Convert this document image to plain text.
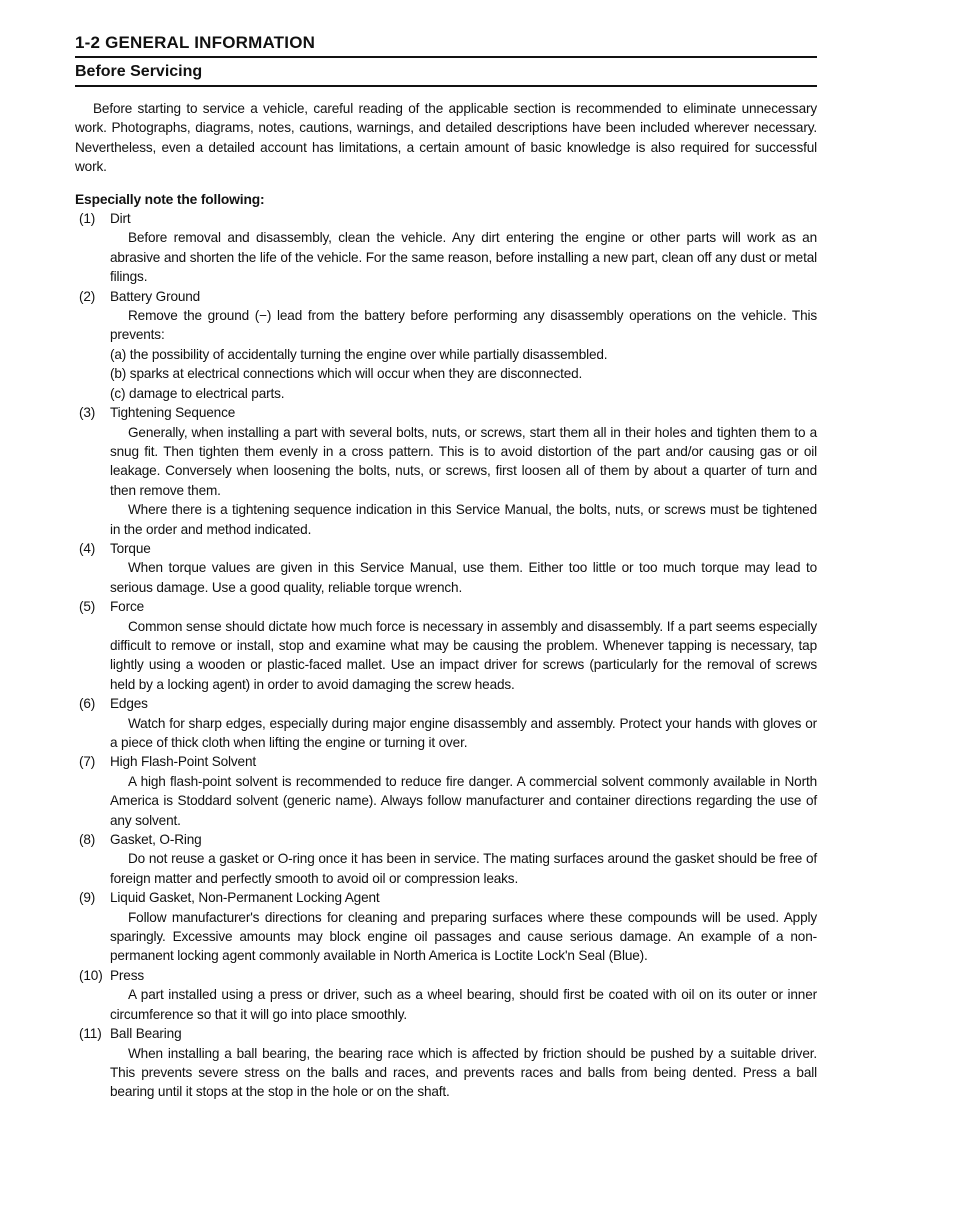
1-2 GENERAL INFORMATION
Before Servicing

Before starting to service a vehicle, careful reading of the applicable section is recommended to eliminate unnecessary work. Photographs, diagrams, notes, cautions, warnings, and detailed descriptions have been included wherever necessary. Nevertheless, even a detailed account has limitations, a certain amount of basic knowledge is also required for successful work.

Especially note the following:

(1)	Dirt

Before removal and disassembly, clean the vehicle. Any dirt entering the engine or other parts will work as an abrasive and shorten the life of the vehicle. For the same reason, before installing a new part, clean off any dust or metal filings.

(2)	Battery Ground

Remove the ground (−) lead from the battery before performing any disassembly operations on the vehicle. This prevents:

(a) the possibility of accidentally turning the engine over while partially disassembled.

(b) sparks at electrical connections which will occur when they are disconnected.

(c) damage to electrical parts.

(3)	Tightening Sequence

Generally, when installing a part with several bolts, nuts, or screws, start them all in their holes and tighten them to a snug fit. Then tighten them evenly in a cross pattern. This is to avoid distortion of the part and/or causing gas or oil leakage. Conversely when loosening the bolts, nuts, or screws, first loosen all of them by about a quarter of turn and then remove them.

Where there is a tightening sequence indication in this Service Manual, the bolts, nuts, or screws must be tightened in the order and method indicated.

(4)	Torque

When torque values are given in this Service Manual, use them. Either too little or too much torque may lead to serious damage. Use a good quality, reliable torque wrench.

(5)	Force

Common sense should dictate how much force is necessary in assembly and disassembly. If a part seems especially difficult to remove or install, stop and examine what may be causing the problem. Whenever tapping is necessary, tap lightly using a wooden or plastic-faced mallet. Use an impact driver for screws (particularly for the removal of screws held by a locking agent) in order to avoid damaging the screw heads.

(6)	Edges

Watch for sharp edges, especially during major engine disassembly and assembly. Protect your hands with gloves or a piece of thick cloth when lifting the engine or turning it over.

(7)	High Flash-Point Solvent

A high flash-point solvent is recommended to reduce fire danger. A commercial solvent commonly available in North America is Stoddard solvent (generic name). Always follow manufacturer and container directions regarding the use of any solvent.

(8)	Gasket, O-Ring

Do not reuse a gasket or O-ring once it has been in service. The mating surfaces around the gasket should be free of foreign matter and perfectly smooth to avoid oil or compression leaks.

(9)	Liquid Gasket, Non-Permanent Locking Agent

Follow manufacturer's directions for cleaning and preparing surfaces where these compounds will be used. Apply sparingly. Excessive amounts may block engine oil passages and cause serious damage. An example of a non-permanent locking agent commonly available in North America is Loctite Lock'n Seal (Blue).

(10) Press

A part installed using a press or driver, such as a wheel bearing, should first be coated with oil on its outer or inner circumference so that it will go into place smoothly.

(11) Ball Bearing

When installing a ball bearing, the bearing race which is affected by friction should be pushed by a suitable driver. This prevents severe stress on the balls and races, and prevents races and balls from being dented. Press a ball bearing until it stops at the stop in the hole or on the shaft.
